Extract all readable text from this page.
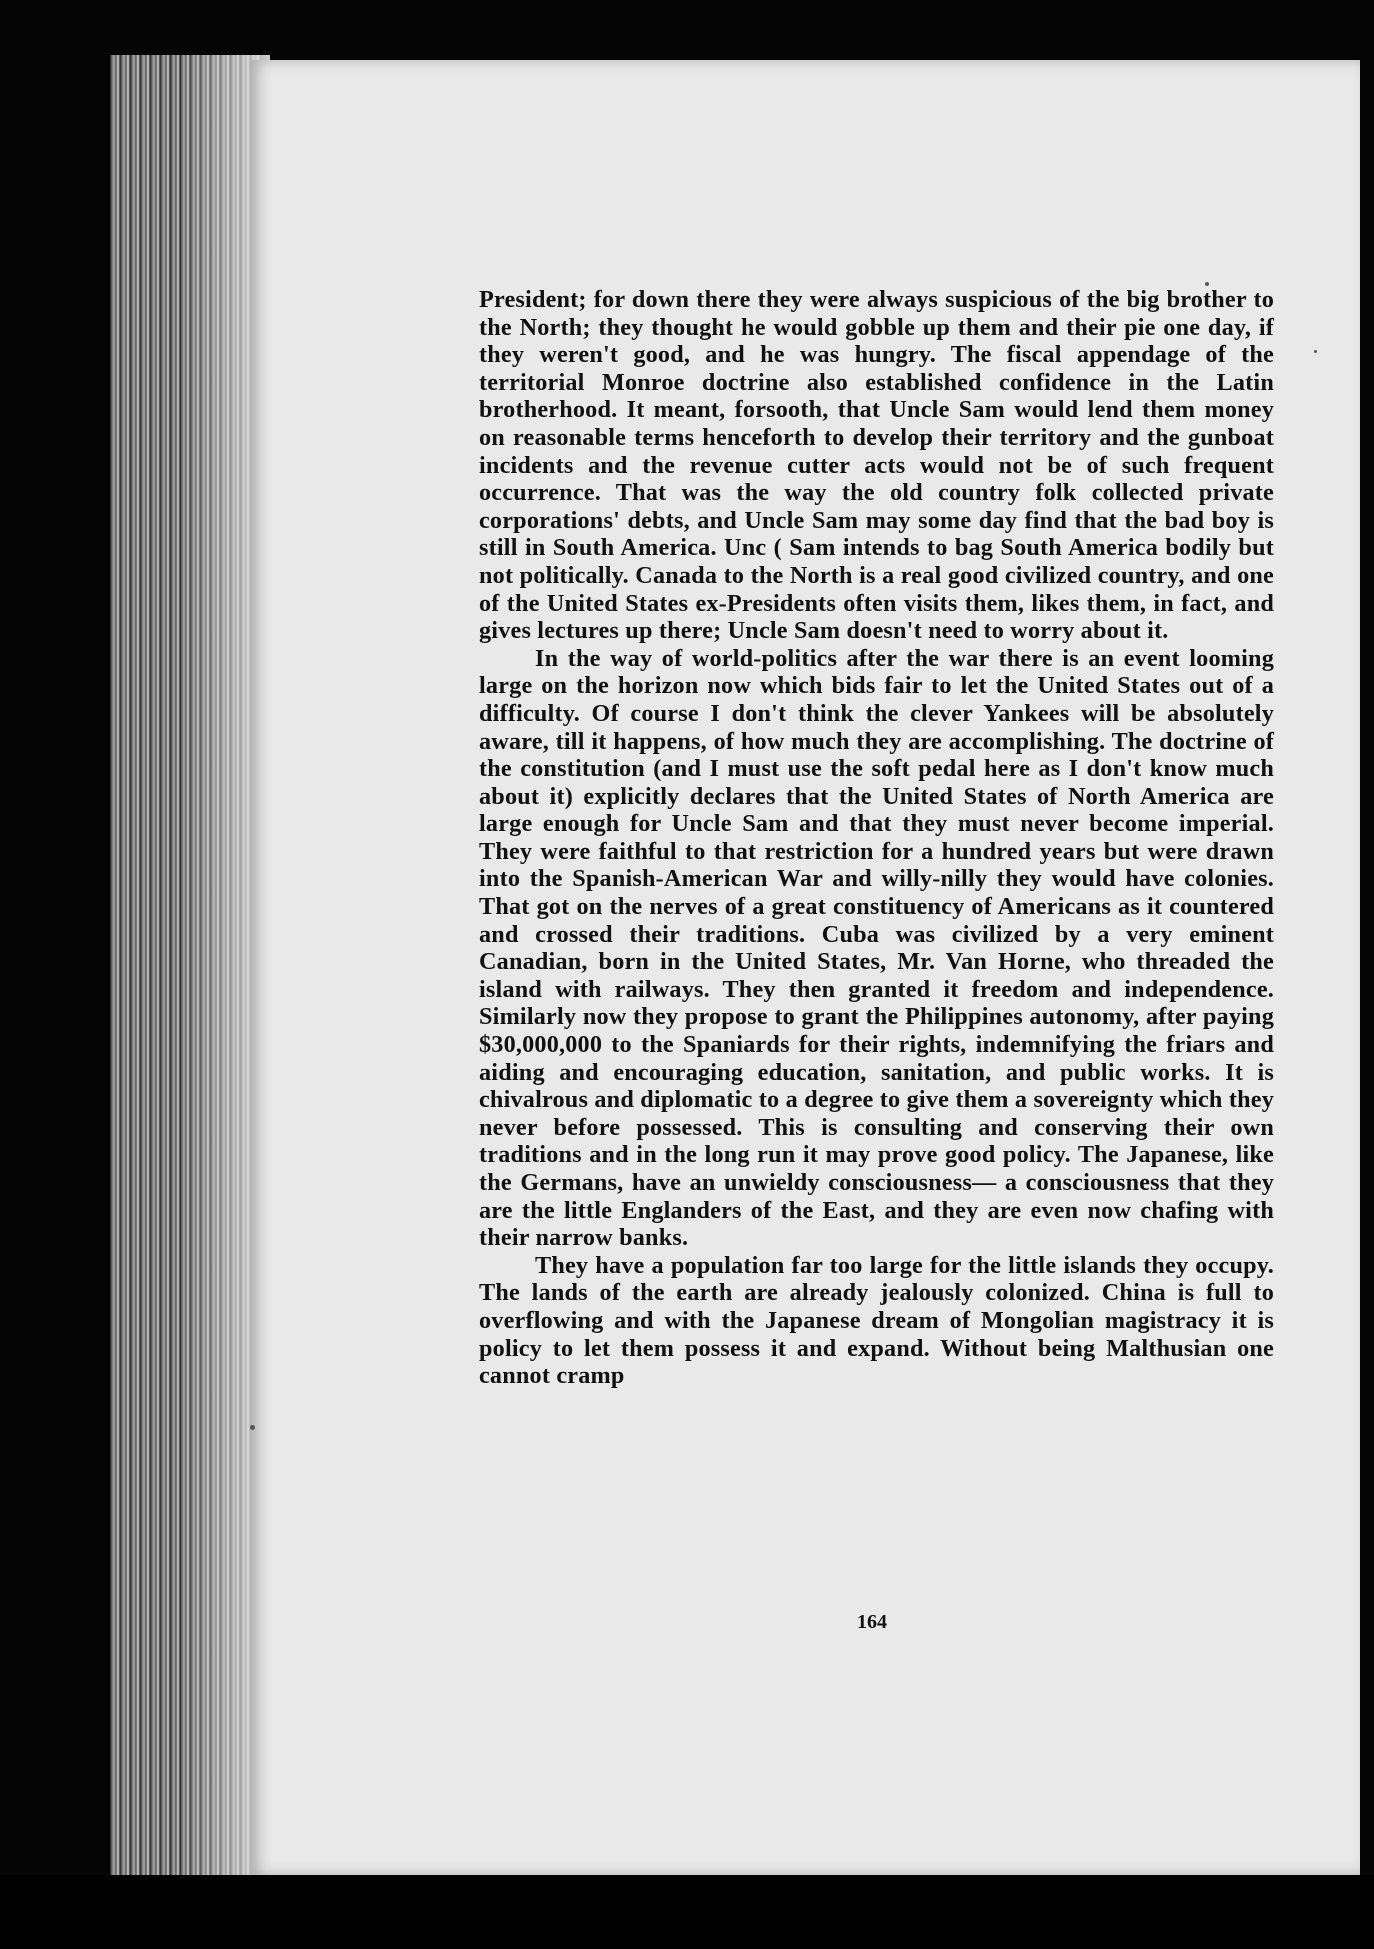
President; for down there they were always suspicious of the big brother to the North; they thought he would gobble up them and their pie one day, if they weren't good, and he was hungry. The fiscal appendage of the territorial Monroe doctrine also established confidence in the Latin brotherhood. It meant, forsooth, that Uncle Sam would lend them money on reasonable terms henceforth to develop their territory and the gunboat incidents and the revenue cutter acts would not be of such frequent occurrence. That was the way the old country folk collected private corporations' debts, and Uncle Sam may some day find that the bad boy is still in South America. Unc ( Sam intends to bag South America bodily but not politically. Canada to the North is a real good civilized country, and one of the United States ex-Presidents often visits them, likes them, in fact, and gives lectures up there; Uncle Sam doesn't need to worry about it.

In the way of world-politics after the war there is an event looming large on the horizon now which bids fair to let the United States out of a difficulty. Of course I don't think the clever Yankees will be absolutely aware, till it happens, of how much they are accomplishing. The doctrine of the constitution (and I must use the soft pedal here as I don't know much about it) explicitly declares that the United States of North America are large enough for Uncle Sam and that they must never become imperial. They were faithful to that restriction for a hundred years but were drawn into the Spanish-American War and willy-nilly they would have colonies. That got on the nerves of a great constituency of Americans as it countered and crossed their traditions. Cuba was civilized by a very eminent Canadian, born in the United States, Mr. Van Horne, who threaded the island with railways. They then granted it freedom and independence. Similarly now they propose to grant the Philippines autonomy, after paying $30,000,000 to the Spaniards for their rights, indemnifying the friars and aiding and encouraging education, sanitation, and public works. It is chivalrous and diplomatic to a degree to give them a sovereignty which they never before possessed. This is consulting and conserving their own traditions and in the long run it may prove good policy. The Japanese, like the Germans, have an unwieldy consciousness— a consciousness that they are the little Englanders of the East, and they are even now chafing with their narrow banks.

They have a population far too large for the little islands they occupy. The lands of the earth are already jealously colonized. China is full to overflowing and with the Japanese dream of Mongolian magistracy it is policy to let them possess it and expand. Without being Malthusian one cannot cramp

164
